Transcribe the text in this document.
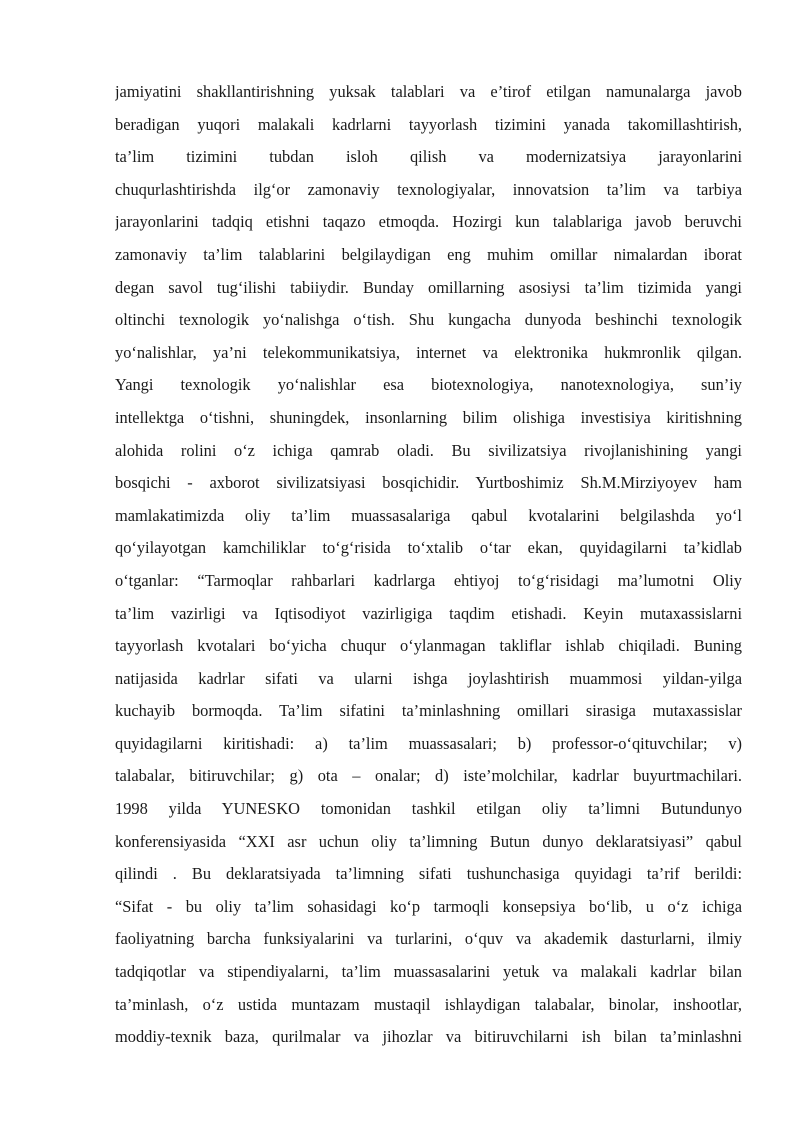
jamiyatini shakllantirishning yuksak talablari va e’tirof etilgan namunalarga javob
beradigan yuqori malakali kadrlarni tayyorlash tizimini yanada takomillashtirish,
ta’lim tizimini tubdan isloh qilish va modernizatsiya jarayonlarini
chuqurlashtirishda ilg‘or zamonaviy texnologiyalar, innovatsion ta’lim va tarbiya
jarayonlarini tadqiq etishni taqazo etmoqda. Hozirgi kun talablariga javob beruvchi
zamonaviy ta’lim talablarini belgilaydigan eng muhim omillar nimalardan iborat
degan savol tug‘ilishi tabiiydir. Bunday omillarning asosiysi ta’lim tizimida yangi
oltinchi texnologik yo‘nalishga o‘tish. Shu kungacha dunyoda beshinchi texnologik
yo‘nalishlar, ya’ni telekommunikatsiya, internet va elektronika hukmronlik qilgan.
Yangi texnologik yo‘nalishlar esa biotexnologiya, nanotexnologiya, sun’iy
intellektga o‘tishni, shuningdek, insonlarning bilim olishiga investisiya kiritishning
alohida rolini o‘z ichiga qamrab oladi. Bu sivilizatsiya rivojlanishining yangi
bosqichi - axborot sivilizatsiyasi bosqichidir. Yurtboshimiz Sh.M.Mirziyoyev ham
mamlakatimizda oliy ta’lim muassasalariga qabul kvotalarini belgilashda yo‘l
qo‘yilayotgan kamchiliklar to‘g‘risida to‘xtalib o‘tar ekan, quyidagilarni ta’kidlab
o‘tganlar: “Tarmoqlar rahbarlari kadrlarga ehtiyoj to‘g‘risidagi ma’lumotni Oliy
ta’lim vazirligi va Iqtisodiyot vazirligiga taqdim etishadi. Keyin mutaxassislarni
tayyorlash kvotalari bo‘yicha chuqur o‘ylanmagan takliflar ishlab chiqiladi. Buning
natijasida kadrlar sifati va ularni ishga joylashtirish muammosi yildan-yilga
kuchayib bormoqda. Ta’lim sifatini ta’minlashning omillari sirasiga mutaxassislar
quyidagilarni kiritishadi: a) ta’lim muassasalari; b) professor-o‘qituvchilar; v)
talabalar, bitiruvchilar; g) ota – onalar; d) iste’molchilar, kadrlar buyurtmachilari.
1998 yilda YUNESKO tomonidan tashkil etilgan oliy ta’limni Butundunyo
konferensiyasida “XXI asr uchun oliy ta’limning Butun dunyo deklaratsiyasi” qabul
qilindi . Bu deklaratsiyada ta’limning sifati tushunchasiga quyidagi ta’rif berildi:
“Sifat - bu oliy ta’lim sohasidagi ko‘p tarmoqli konsepsiya bo‘lib, u o‘z ichiga
faoliyatning barcha funksiyalarini va turlarini, o‘quv va akademik dasturlarni, ilmiy
tadqiqotlar va stipendiyalarni, ta’lim muassasalarini yetuk va malakali kadrlar bilan
ta’minlash, o‘z ustida muntazam mustaqil ishlaydigan talabalar, binolar, inshootlar,
moddiy-texnik baza, qurilmalar va jihozlar va bitiruvchilarni ish bilan ta’minlashni
